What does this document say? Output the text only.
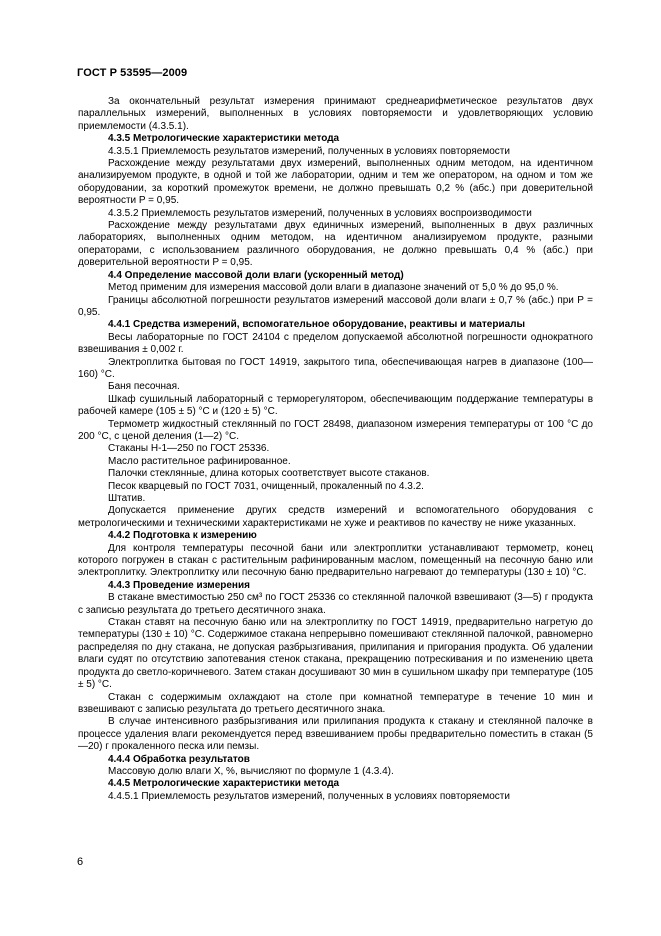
ГОСТ Р 53595—2009

За окончательный результат измерения принимают среднеарифметическое результатов двух параллельных измерений, выполненных в условиях повторяемости и удовлетворяющих условию приемлемости (4.3.5.1).

4.3.5 Метрологические характеристики метода

4.3.5.1 Приемлемость результатов измерений, полученных в условиях повторяемости

Расхождение между результатами двух измерений, выполненных одним методом, на идентичном анализируемом продукте, в одной и той же лаборатории, одним и тем же оператором, на одном и том же оборудовании, за короткий промежуток времени, не должно превышать 0,2 % (абс.) при доверительной вероятности P = 0,95.

4.3.5.2 Приемлемость результатов измерений, полученных в условиях воспроизводимости

Расхождение между результатами двух единичных измерений, выполненных в двух различных лабораториях, выполненных одним методом, на идентичном анализируемом продукте, разными операторами, с использованием различного оборудования, не должно превышать 0,4 % (абс.) при доверительной вероятности P = 0,95.

4.4 Определение массовой доли влаги (ускоренный метод)

Метод применим для измерения массовой доли влаги в диапазоне значений от 5,0 % до 95,0 %.

Границы абсолютной погрешности результатов измерений массовой доли влаги ± 0,7 % (абс.) при P = 0,95.

4.4.1 Средства измерений, вспомогательное оборудование, реактивы и материалы

Весы лабораторные по ГОСТ 24104 с пределом допускаемой абсолютной погрешности однократного взвешивания ± 0,002 г.

Электроплитка бытовая по ГОСТ 14919, закрытого типа, обеспечивающая нагрев в диапазоне (100—160) °С.

Баня песочная.

Шкаф сушильный лабораторный с терморегулятором, обеспечивающим поддержание температуры в рабочей камере (105 ± 5) °С и (120 ± 5) °С.

Термометр жидкостный стеклянный по ГОСТ 28498, диапазоном измерения температуры от 100 °С до 200 °С, с ценой деления (1—2) °С.

Стаканы Н-1—250 по ГОСТ 25336.

Масло растительное рафинированное.

Палочки стеклянные, длина которых соответствует высоте стаканов.

Песок кварцевый по ГОСТ 7031, очищенный, прокаленный по 4.3.2.

Штатив.

Допускается применение других средств измерений и вспомогательного оборудования с метрологическими и техническими характеристиками не хуже и реактивов по качеству не ниже указанных.

4.4.2 Подготовка к измерению

Для контроля температуры песочной бани или электроплитки устанавливают термометр, конец которого погружен в стакан с растительным рафинированным маслом, помещенный на песочную баню или электроплитку. Электроплитку или песочную баню предварительно нагревают до температуры (130 ± 10) °С.

4.4.3 Проведение измерения

В стакане вместимостью 250 см³ по ГОСТ 25336 со стеклянной палочкой взвешивают (3—5) г продукта с записью результата до третьего десятичного знака.

Стакан ставят на песочную баню или на электроплитку по ГОСТ 14919, предварительно нагретую до температуры (130 ± 10) °С. Содержимое стакана непрерывно помешивают стеклянной палочкой, равномерно распределяя по дну стакана, не допуская разбрызгивания, прилипания и пригорания продукта. Об удалении влаги судят по отсутствию запотевания стенок стакана, прекращению потрескивания и по изменению цвета продукта до светло-коричневого. Затем стакан досушивают 30 мин в сушильном шкафу при температуре (105 ± 5) °С.

Стакан с содержимым охлаждают на столе при комнатной температуре в течение 10 мин и взвешивают с записью результата до третьего десятичного знака.

В случае интенсивного разбрызгивания или прилипания продукта к стакану и стеклянной палочке в процессе удаления влаги рекомендуется перед взвешиванием пробы предварительно поместить в стакан (5—20) г прокаленного песка или пемзы.

4.4.4 Обработка результатов

Массовую долю влаги X, %, вычисляют по формуле 1 (4.3.4).

4.4.5 Метрологические характеристики метода

4.4.5.1 Приемлемость результатов измерений, полученных в условиях повторяемости

6
